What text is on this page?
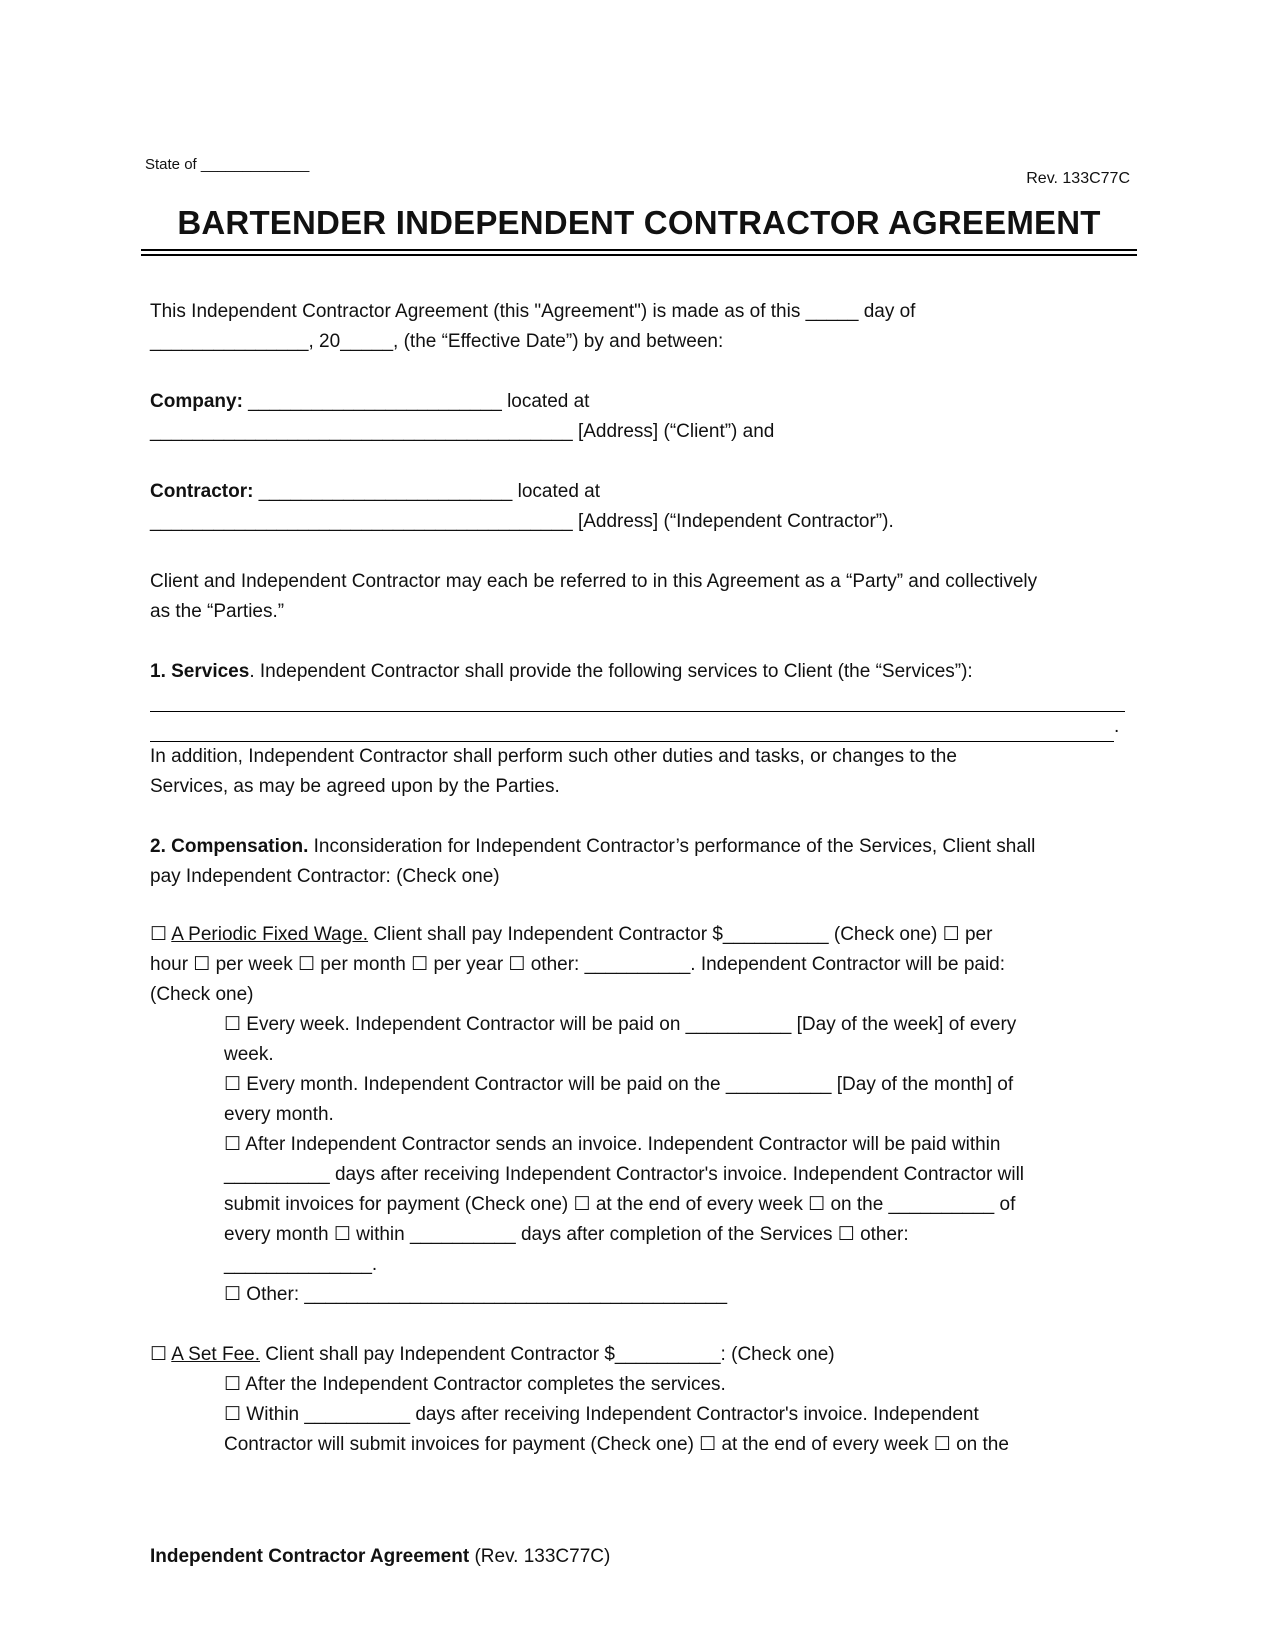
State of _____________
Rev. 133C77C
BARTENDER INDEPENDENT CONTRACTOR AGREEMENT

This Independent Contractor Agreement (this "Agreement") is made as of this _____ day of

_______________, 20_____, (the “Effective Date”) by and between:

Company: ________________________ located at

________________________________________ [Address] (“Client”) and

Contractor: ________________________ located at

________________________________________ [Address] (“Independent Contractor”).

Client and Independent Contractor may each be referred to in this Agreement as a “Party” and collectively

as the “Parties.”

1. Services. Independent Contractor shall provide the following services to Client (the “Services”):

.

In addition, Independent Contractor shall perform such other duties and tasks, or changes to the

Services, as may be agreed upon by the Parties.

2. Compensation. Inconsideration for Independent Contractor’s performance of the Services, Client shall

pay Independent Contractor: (Check one)

☐ A Periodic Fixed Wage. Client shall pay Independent Contractor $__________ (Check one) ☐ per

hour ☐ per week ☐ per month ☐ per year ☐ other: __________. Independent Contractor will be paid:

(Check one)

☐ Every week. Independent Contractor will be paid on __________ [Day of the week] of every

week.

☐ Every month. Independent Contractor will be paid on the __________ [Day of the month] of

every month.

☐ After Independent Contractor sends an invoice. Independent Contractor will be paid within

__________ days after receiving Independent Contractor's invoice. Independent Contractor will

submit invoices for payment (Check one) ☐ at the end of every week ☐ on the __________ of

every month ☐ within __________ days after completion of the Services ☐ other:

______________.

☐ Other: ________________________________________

☐ A Set Fee. Client shall pay Independent Contractor $__________: (Check one)

☐ After the Independent Contractor completes the services.

☐ Within __________ days after receiving Independent Contractor's invoice. Independent

Contractor will submit invoices for payment (Check one) ☐ at the end of every week ☐ on the

Independent Contractor Agreement (Rev. 133C77C)
